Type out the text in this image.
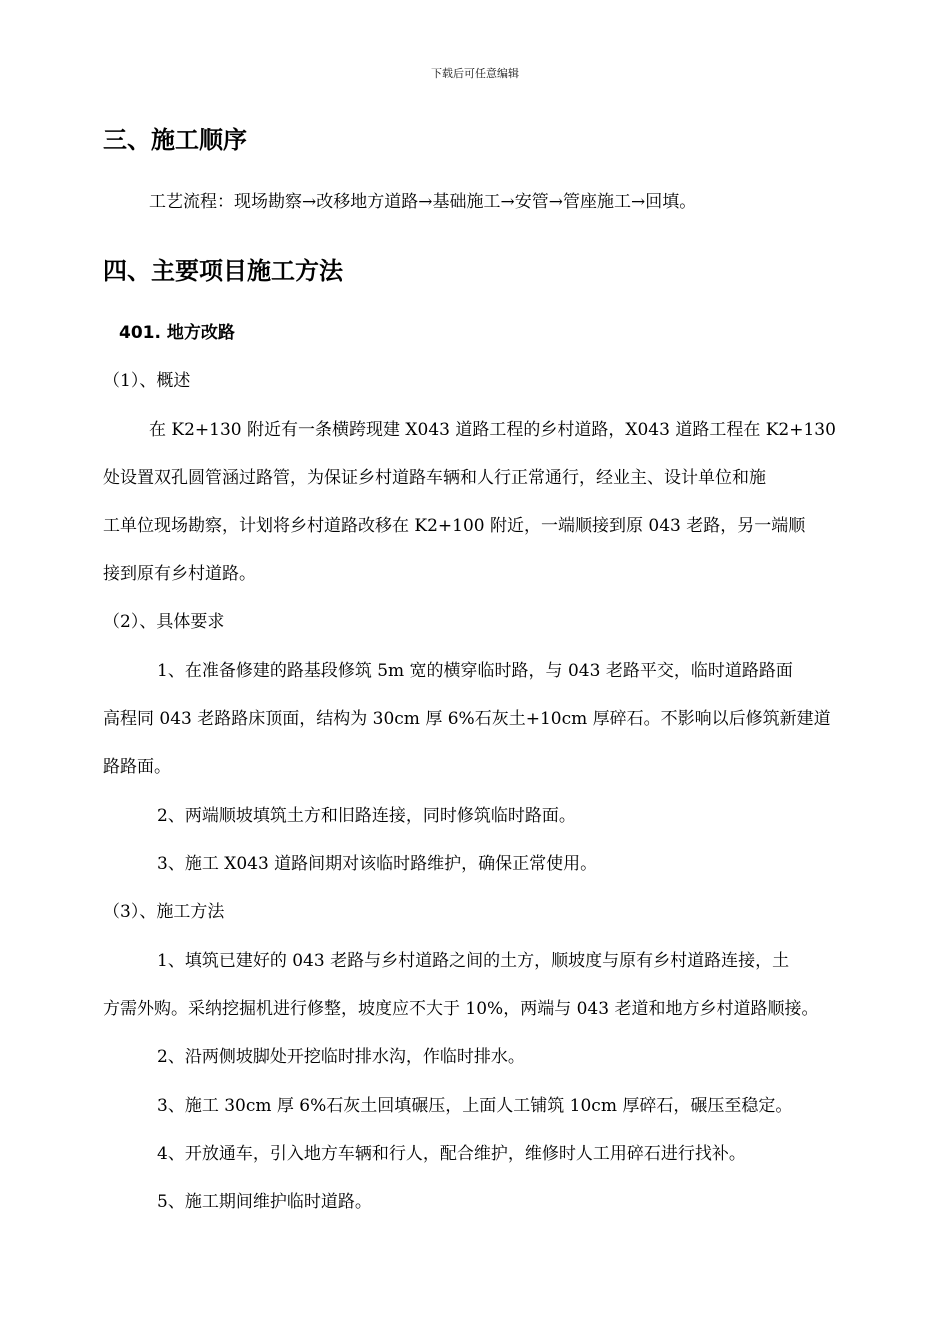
下载后可任意编辑
三、施工顺序
工艺流程：现场勘察→改移地方道路→基础施工→安管→管座施工→回填。
四、主要项目施工方法
401. 地方改路
（1）、概述
在 K2+130 附近有一条横跨现建 X043 道路工程的乡村道路，X043 道路工程在 K2+130
处设置双孔圆管涵过路管，为保证乡村道路车辆和人行正常通行，经业主、设计单位和施
工单位现场勘察，计划将乡村道路改移在 K2+100 附近，一端顺接到原 043 老路，另一端顺
接到原有乡村道路。
（2）、具体要求
1、在准备修建的路基段修筑 5m 宽的横穿临时路，与 043 老路平交，临时道路路面
高程同 043 老路路床顶面，结构为 30cm 厚 6%石灰土+10cm 厚碎石。不影响以后修筑新建道
路路面。
2、两端顺坡填筑土方和旧路连接，同时修筑临时路面。
3、施工 X043 道路间期对该临时路维护，确保正常使用。
（3）、施工方法
1、填筑已建好的 043 老路与乡村道路之间的土方，顺坡度与原有乡村道路连接，土
方需外购。采纳挖掘机进行修整，坡度应不大于 10%，两端与 043 老道和地方乡村道路顺接。
2、沿两侧坡脚处开挖临时排水沟，作临时排水。
3、施工 30cm 厚 6%石灰土回填碾压，上面人工铺筑 10cm 厚碎石，碾压至稳定。
4、开放通车，引入地方车辆和行人，配合维护，维修时人工用碎石进行找补。
5、施工期间维护临时道路。
